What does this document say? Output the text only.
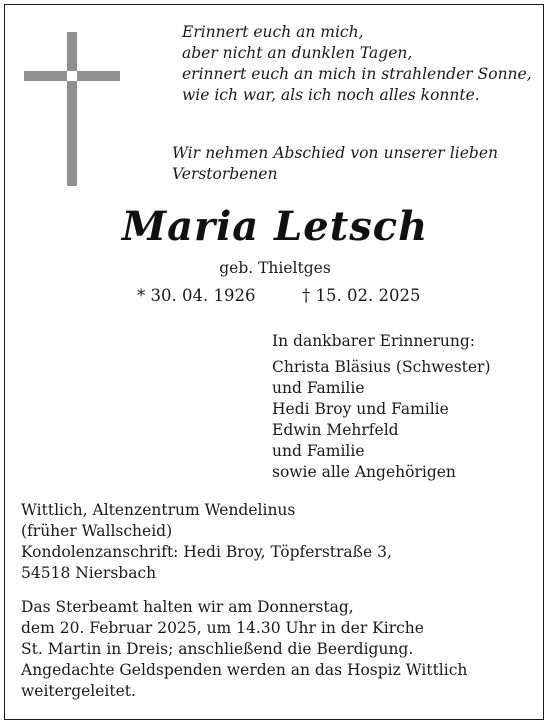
Erinnert euch an mich,
aber nicht an dunklen Tagen,
erinnert euch an mich in strahlender Sonne,
wie ich war, als ich noch alles konnte.
Wir nehmen Abschied von unserer lieben Verstorbenen
Maria Letsch
geb. Thieltges
* 30. 04. 1926	† 15. 02. 2025
In dankbarer Erinnerung:
Christa Bläsius (Schwester)
und Familie
Hedi Broy und Familie
Edwin Mehrfeld
und Familie
sowie alle Angehörigen
Wittlich, Altenzentrum Wendelinus
(früher Wallscheid)
Kondolenzanschrift: Hedi Broy, Töpferstraße 3,
54518 Niersbach
Das Sterbeamt halten wir am Donnerstag,
dem 20. Februar 2025, um 14.30 Uhr in der Kirche
St. Martin in Dreis; anschließend die Beerdigung.
Angedachte Geldspenden werden an das Hospiz Wittlich
weitergeleitet.
